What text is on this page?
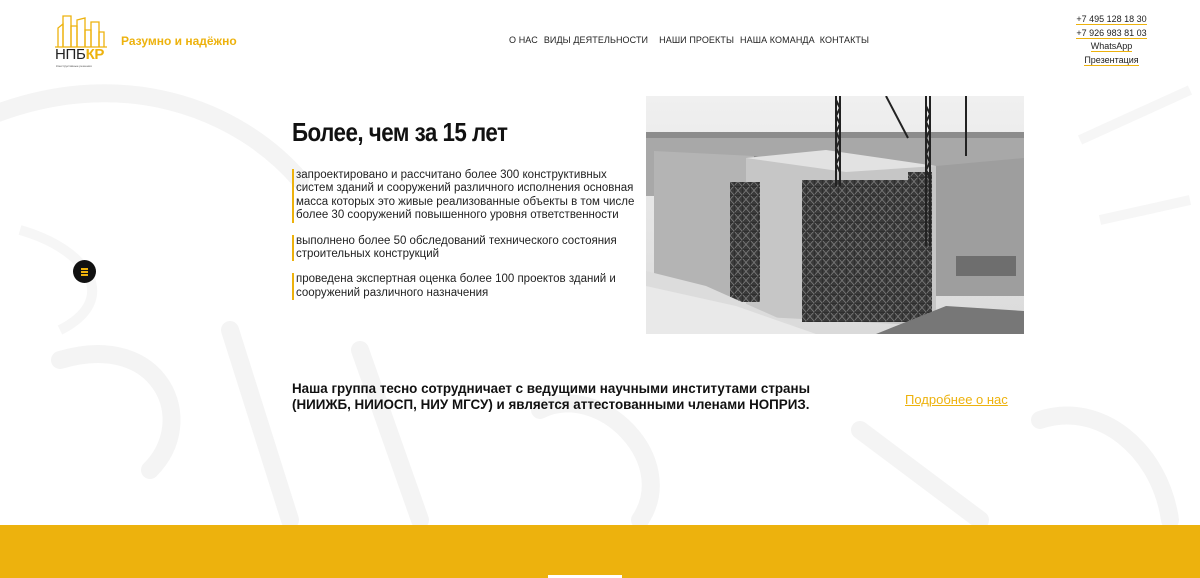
НПБКР
Конструктивные решения
Разумно и надёжно	О НАС ВИДЫ ДЕЯТЕЛЬНОСТИ НАШИ ПРОЕКТЫ НАША КОМАНДА КОНТАКТЫ
+7 495 128 18 30
+7 926 983 81 03
WhatsApp
Презентация
Более, чем за 15 лет

запроектировано и рассчитано более 300 конструктивных систем зданий и сооружений различного исполнения основная масса которых это живые реализованные объекты в том числе более 30 сооружений повышенного уровня ответственности

выполнено более 50 обследований технического состояния строительных конструкций

проведена экспертная оценка более 100 проектов зданий и сооружений различного назначения

Наша группа тесно сотрудничает с ведущими научными институтами страны (НИИЖБ, НИИОСП, НИУ МГСУ) и является аттестованными членами НОПРИЗ.	Подробнее о нас
